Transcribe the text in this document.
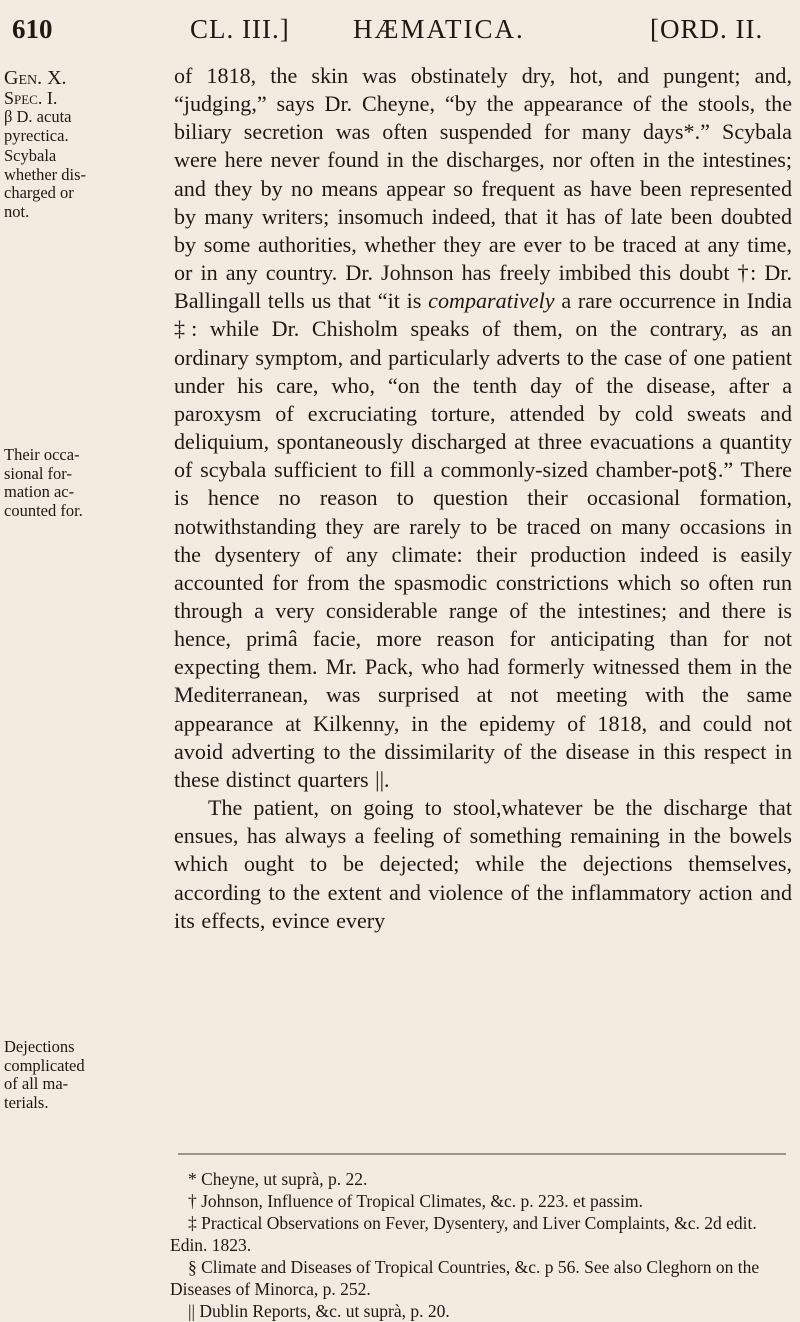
610	CL. III.] HÆMATICA.	[ORD. II.
Gen. X.
Spec. I.
β D. acuta
pyrectica.
Scybala
whether dis-
charged or
not.
Their occa-
sional for-
mation ac-
counted for.
Dejections
complicated
of all ma-
terials.

of 1818, the skin was obstinately dry, hot, and pungent; and, “judging,” says Dr. Cheyne, “by the appearance of the stools, the biliary secretion was often suspended for many days*.” Scybala were here never found in the discharges, nor often in the intestines; and they by no means appear so frequent as have been represented by many writers; insomuch indeed, that it has of late been doubted by some authorities, whether they are ever to be traced at any time, or in any country. Dr. Johnson has freely imbibed this doubt †: Dr. Ballingall tells us that “it is comparatively a rare occurrence in India ‡: while Dr. Chisholm speaks of them, on the contrary, as an ordinary symptom, and particularly adverts to the case of one patient under his care, who, “on the tenth day of the disease, after a paroxysm of excruciating torture, attended by cold sweats and deliquium, spontaneously discharged at three evacuations a quantity of scybala sufficient to fill a commonly-sized chamber-pot§.” There is hence no reason to question their occasional formation, notwithstanding they are rarely to be traced on many occasions in the dysentery of any climate: their production indeed is easily accounted for from the spasmodic constrictions which so often run through a very considerable range of the intestines; and there is hence, primâ facie, more reason for anticipating than for not expecting them. Mr. Pack, who had formerly witnessed them in the Mediterranean, was surprised at not meeting with the same appearance at Kilkenny, in the epidemy of 1818, and could not avoid adverting to the dissimilarity of the disease in this respect in these distinct quarters ||.

The patient, on going to stool,whatever be the discharge that ensues, has always a feeling of something remaining in the bowels which ought to be dejected; while the dejections themselves, according to the extent and violence of the inflammatory action and its effects, evince every

* Cheyne, ut suprà, p. 22.

† Johnson, Influence of Tropical Climates, &c. p. 223. et passim.

‡ Practical Observations on Fever, Dysentery, and Liver Complaints, &c. 2d edit. Edin. 1823.

§ Climate and Diseases of Tropical Countries, &c. p 56. See also Cleghorn on the Diseases of Minorca, p. 252.

|| Dublin Reports, &c. ut suprà, p. 20.
